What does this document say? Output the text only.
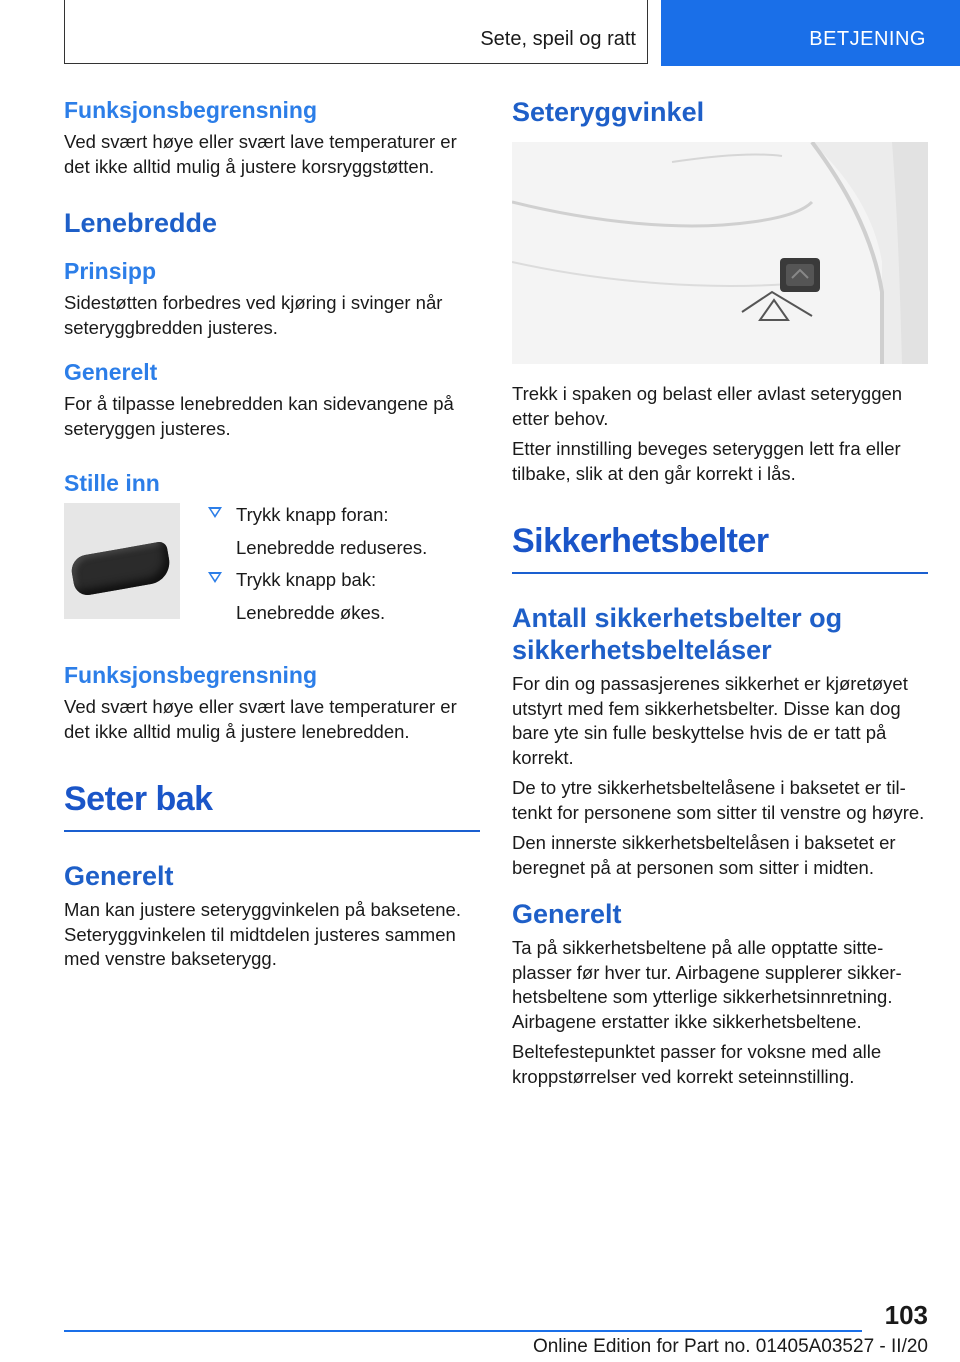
Sete, speil og ratt	BETJENING
Funksjonsbegrensning

Ved svært høye eller svært lave temperaturer er det ikke alltid mulig å justere korsryggstøtten.

Lenebredde
Prinsipp

Sidestøtten forbedres ved kjøring i svinger når seteryggbredden justeres.

Generelt

For å tilpasse lenebredden kan sidevangene på seteryggen justeres.

Stille inn
Trykk knapp foran:
Lenebredde reduseres.
Trykk knapp bak:
Lenebredde økes.
Funksjonsbegrensning

Ved svært høye eller svært lave temperaturer er det ikke alltid mulig å justere lenebredden.

Seter bak
Generelt

Man kan justere seteryggvinkelen på baksetene. Seteryggvinkelen til midtdelen justeres sammen med venstre bakseterygg.

Seteryggvinkel

Trekk i spaken og belast eller avlast seteryggen etter behov.

Etter innstilling beveges seteryggen lett fra eller tilbake, slik at den går korrekt i lås.

Sikkerhetsbelter
Antall sikkerhetsbelter og sikkerhetsbelteláser

For din og passasjerenes sikkerhet er kjøretøyet utstyrt med fem sikkerhetsbelter. Disse kan dog bare yte sin fulle beskyttelse hvis de er tatt på korrekt.

De to ytre sikkerhetsbeltelåsene i baksetet er tiltenkt for personene som sitter til venstre og høyre.

Den innerste sikkerhetsbeltelåsen i baksetet er beregnet på at personen som sitter i midten.

Generelt

Ta på sikkerhetsbeltene på alle opptatte sitteplasser før hver tur. Airbagene supplerer sikkerhetsbeltene som ytterlige sikkerhetsinnretning. Airbagene erstatter ikke sikkerhetsbeltene.

Beltefestepunktet passer for voksne med alle kroppstørrelser ved korrekt seteinnstilling.

103
Online Edition for Part no. 01405A03527 - II/20
